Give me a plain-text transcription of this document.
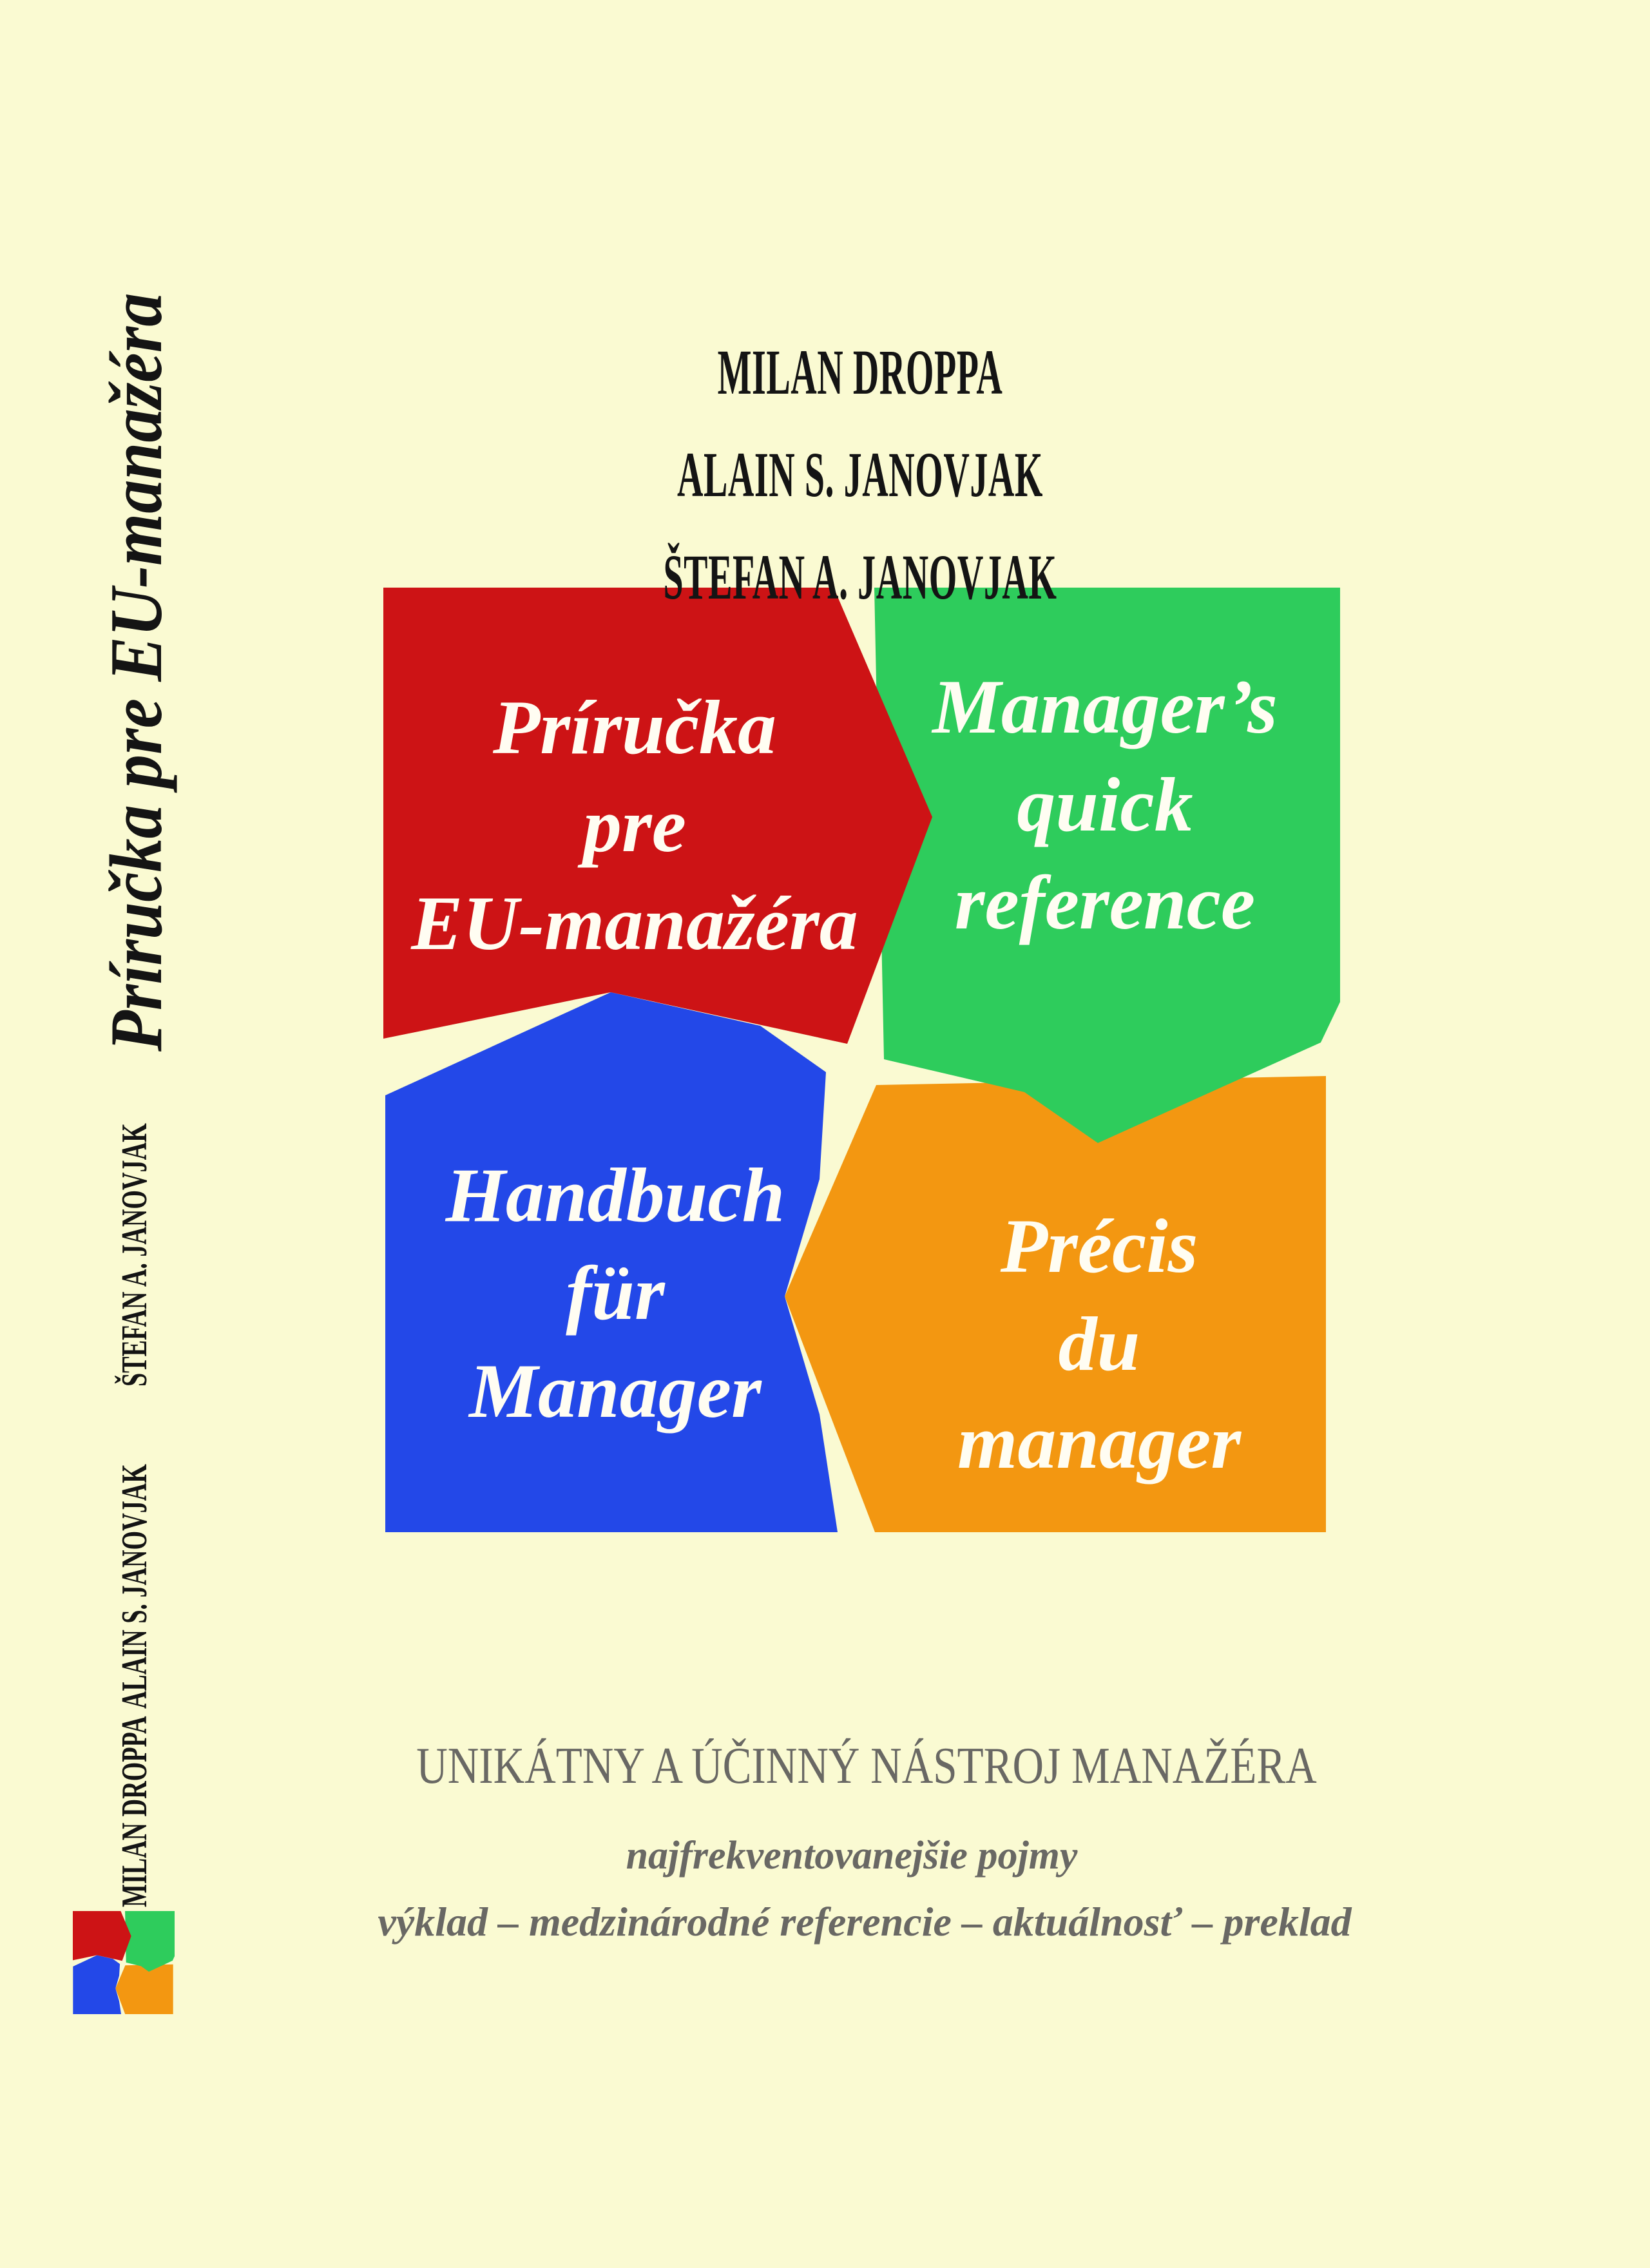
MILAN DROPPA
ALAIN S. JANOVJAK
ŠTEFAN A. JANOVJAK
Príručka
pre
EU-manažéra
Manager’s
quick
reference
Handbuch
für
Manager
Précis
du
manager
UNIKÁTNY A ÚČINNÝ NÁSTROJ MANAŽÉRA
najfrekventovanejšie pojmy
výklad – medzinárodné referencie – aktuálnosť – preklad
Príručka pre EU-manažéra
MILAN DROPPA
ALAIN S. JANOVJAK
ŠTEFAN A. JANOVJAK
